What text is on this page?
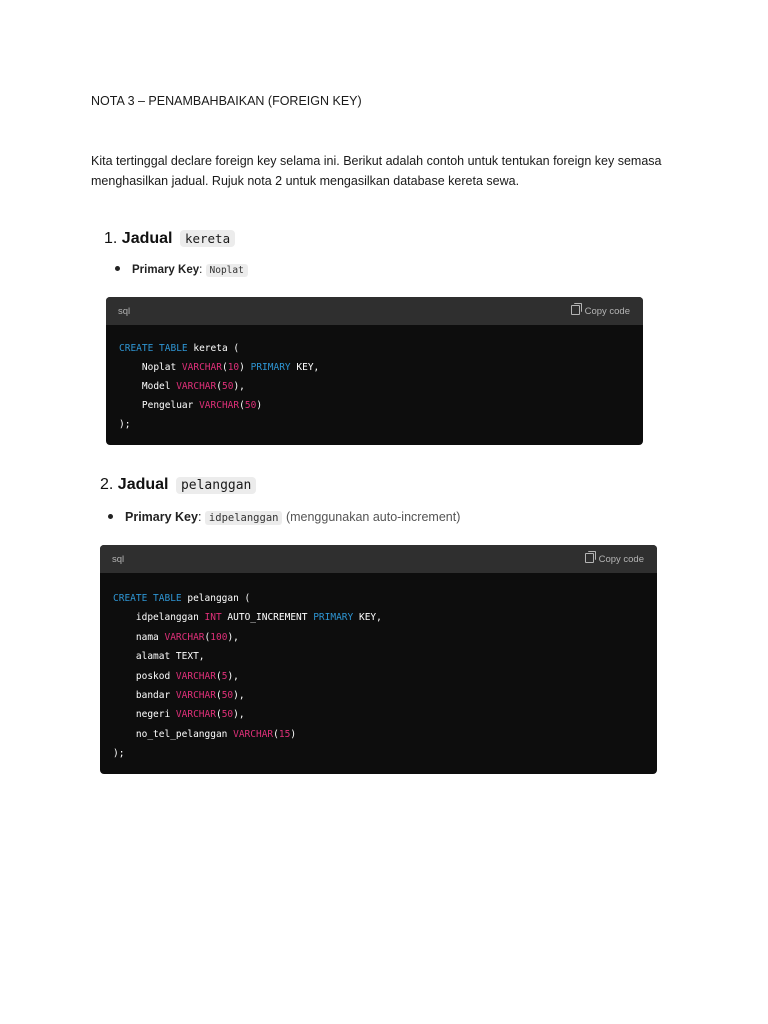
NOTA 3 – PENAMBAHBAIKAN (FOREIGN KEY)
Kita tertinggal declare foreign key selama ini. Berikut adalah contoh untuk tentukan foreign key semasa menghasilkan jadual. Rujuk nota 2 untuk mengasilkan database kereta sewa.
1. Jadual kereta
Primary Key: Noplat
sql	Copy code
CREATE TABLE kereta (
Noplat VARCHAR(10) PRIMARY KEY,
Model VARCHAR(50),
Pengeluar VARCHAR(50)
);
2. Jadual pelanggan
Primary Key: idpelanggan (menggunakan auto-increment)
sql	Copy code
CREATE TABLE pelanggan (
idpelanggan INT AUTO_INCREMENT PRIMARY KEY,
nama VARCHAR(100),
alamat TEXT,
poskod VARCHAR(5),
bandar VARCHAR(50),
negeri VARCHAR(50),
no_tel_pelanggan VARCHAR(15)
);
